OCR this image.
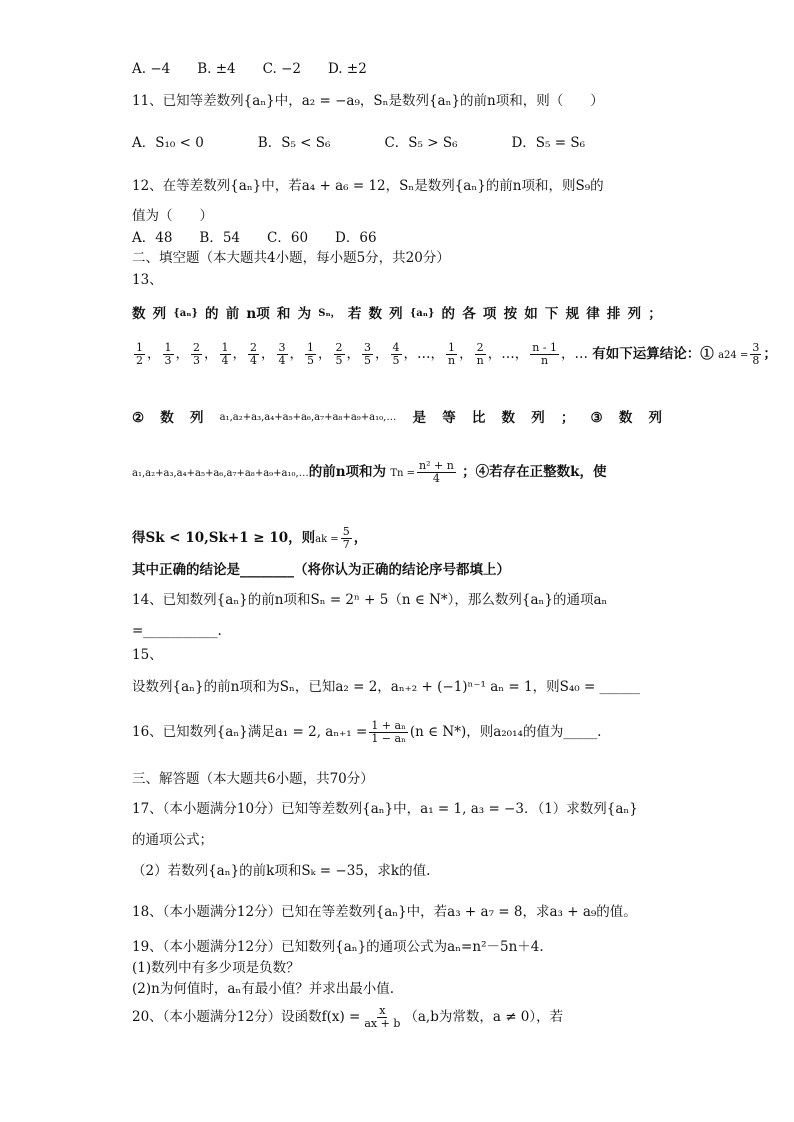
A. −4　　B. ±4　　C. −2　　D. ±2
11、已知等差数列{aₙ}中，a₂ = −a₉，Sₙ是数列{aₙ}的前n项和，则（　　）
A．S₁₀ < 0　　　　B．S₅ < S₆　　　　C．S₅ > S₆　　　　D．S₅ = S₆
12、在等差数列{aₙ}中，若a₄ + a₆ = 12，Sₙ是数列{aₙ}的前n项和，则S₉的
值为（　　）
A．48　　B．54　　C．60　　D．66
二、填空题（本大题共4小题，每小题5分，共20分）
13、
数 列 {aₙ} 的 前 n项 和 为 Sₙ， 若 数 列 {aₙ} 的 各 项 按 如 下 规 律 排 列 ；
$\frac{1}{2}$ ， $\frac{1}{3}$ ， $\frac{2}{3}$ ， $\frac{1}{4}$ ， $\frac{2}{4}$ ， $\frac{3}{4}$ ， $\frac{1}{5}$ ， $\frac{2}{5}$ ， $\frac{3}{5}$ ， $\frac{4}{5}$ ，…， $\frac{1}{n}$ ， $\frac{2}{n}$ ，…， $\frac{n - 1}{n}$ ，… 有如下运算结论：① $a24 = \frac{3}{8}$ ；
② 数 列 a₁,a₂+a₃,a₄+a₅+a₆,a₇+a₈+a₉+a₁₀,… 是 等 比 数 列 ； ③ 数 列
a₁,a₂+a₃,a₄+a₅+a₆,a₇+a₈+a₉+a₁₀,…的前n项和为 $Tn = \frac{\text{n² + n}}{4}$ ；④若存在正整数k，使
得Sk < 10,Sk+1 ≥ 10，则ak = $\frac{5}{7}$ ，
其中正确的结论是________（将你认为正确的结论序号都填上）
14、已知数列{aₙ}的前n项和Sₙ = 2ⁿ + 5（n ∈ N*），那么数列{aₙ}的通项aₙ
=___________.
15、
设数列{aₙ}的前n项和为Sₙ，已知a₂ = 2，aₙ₊₂ + (−1)ⁿ⁻¹ aₙ = 1，则S₄₀ = ______
16、已知数列{aₙ}满足a₁ = 2, $a_{n+1} = \frac{\text{1 + aₙ}}{\text{1 − aₙ}} (n$ ∈ N*)，则a₂₀₁₄的值为_____.
三、解答题（本大题共6小题，共70分）
17、（本小题满分10分）已知等差数列{aₙ}中，a₁ = 1, a₃ = −3．（1）求数列{aₙ}
的通项公式；
（2）若数列{aₙ}的前k项和Sₖ = −35，求k的值.
18、（本小题满分12分）已知在等差数列{aₙ}中，若a₃ + a₇ = 8，求a₃ + a₉的值。
19、（本小题满分12分）已知数列{aₙ}的通项公式为aₙ=n²－5n＋4.
(1)数列中有多少项是负数？
(2)n为何值时，aₙ有最小值？并求出最小值.
20、（本小题满分12分）设函数$f(x) = \frac{x}{ax + b} (a,b$为常数，a ≠ 0），若
